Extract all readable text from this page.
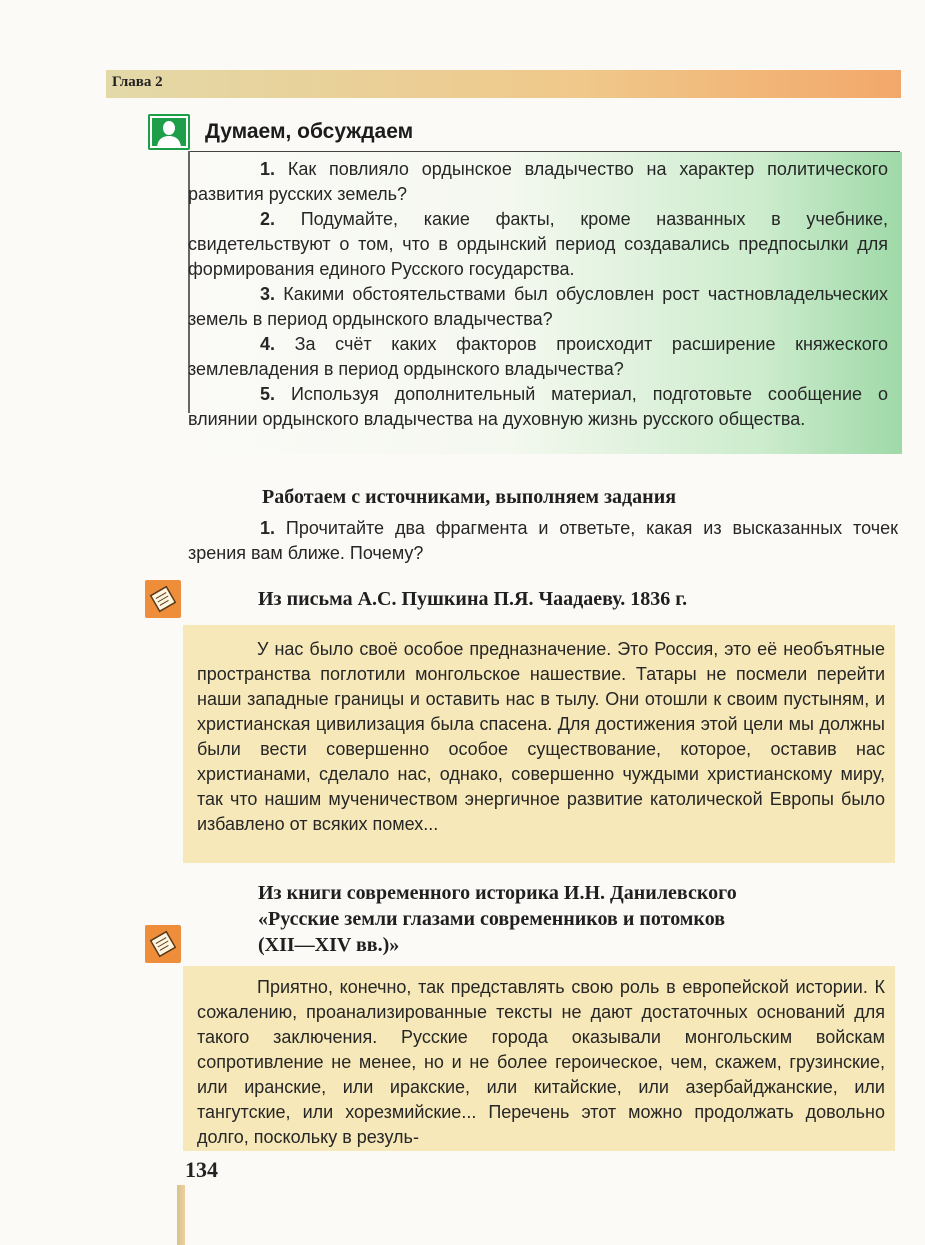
Глава 2
Думаем, обсуждаем

1. Как повлияло ордынское владычество на характер политического развития русских земель?

2. Подумайте, какие факты, кроме названных в учебнике, свидетельствуют о том, что в ордынский период создавались предпосылки для формирования единого Русского государства.

3. Какими обстоятельствами был обусловлен рост частновладельческих земель в период ордынского владычества?

4. За счёт каких факторов происходит расширение княжеского землевладения в период ордынского владычества?

5. Используя дополнительный материал, подготовьте сообщение о влиянии ордынского владычества на духовную жизнь русского общества.

Работаем с источниками, выполняем задания

1. Прочитайте два фрагмента и ответьте, какая из высказанных точек зрения вам ближе. Почему?

Из письма А.С. Пушкина П.Я. Чаадаеву. 1836 г.

У нас было своё особое предназначение. Это Россия, это её необъятные пространства поглотили монгольское нашествие. Татары не посмели перейти наши западные границы и оставить нас в тылу. Они отошли к своим пустыням, и христианская цивилизация была спасена. Для достижения этой цели мы должны были вести совершенно особое существование, которое, оставив нас христианами, сделало нас, однако, совершенно чуждыми христианскому миру, так что нашим мученичеством энергичное развитие католической Европы было избавлено от всяких помех...

Из книги современного историка И.Н. Данилевского
«Русские земли глазами современников и потомков
(XII—XIV вв.)»

Приятно, конечно, так представлять свою роль в европейской истории. К сожалению, проанализированные тексты не дают достаточных оснований для такого заключения. Русские города оказывали монгольским войскам сопротивление не менее, но и не более героическое, чем, скажем, грузинские, или иранские, или иракские, или китайские, или азербайджанские, или тангутские, или хорезмийские... Перечень этот можно продолжать довольно долго, поскольку в резуль-

134
